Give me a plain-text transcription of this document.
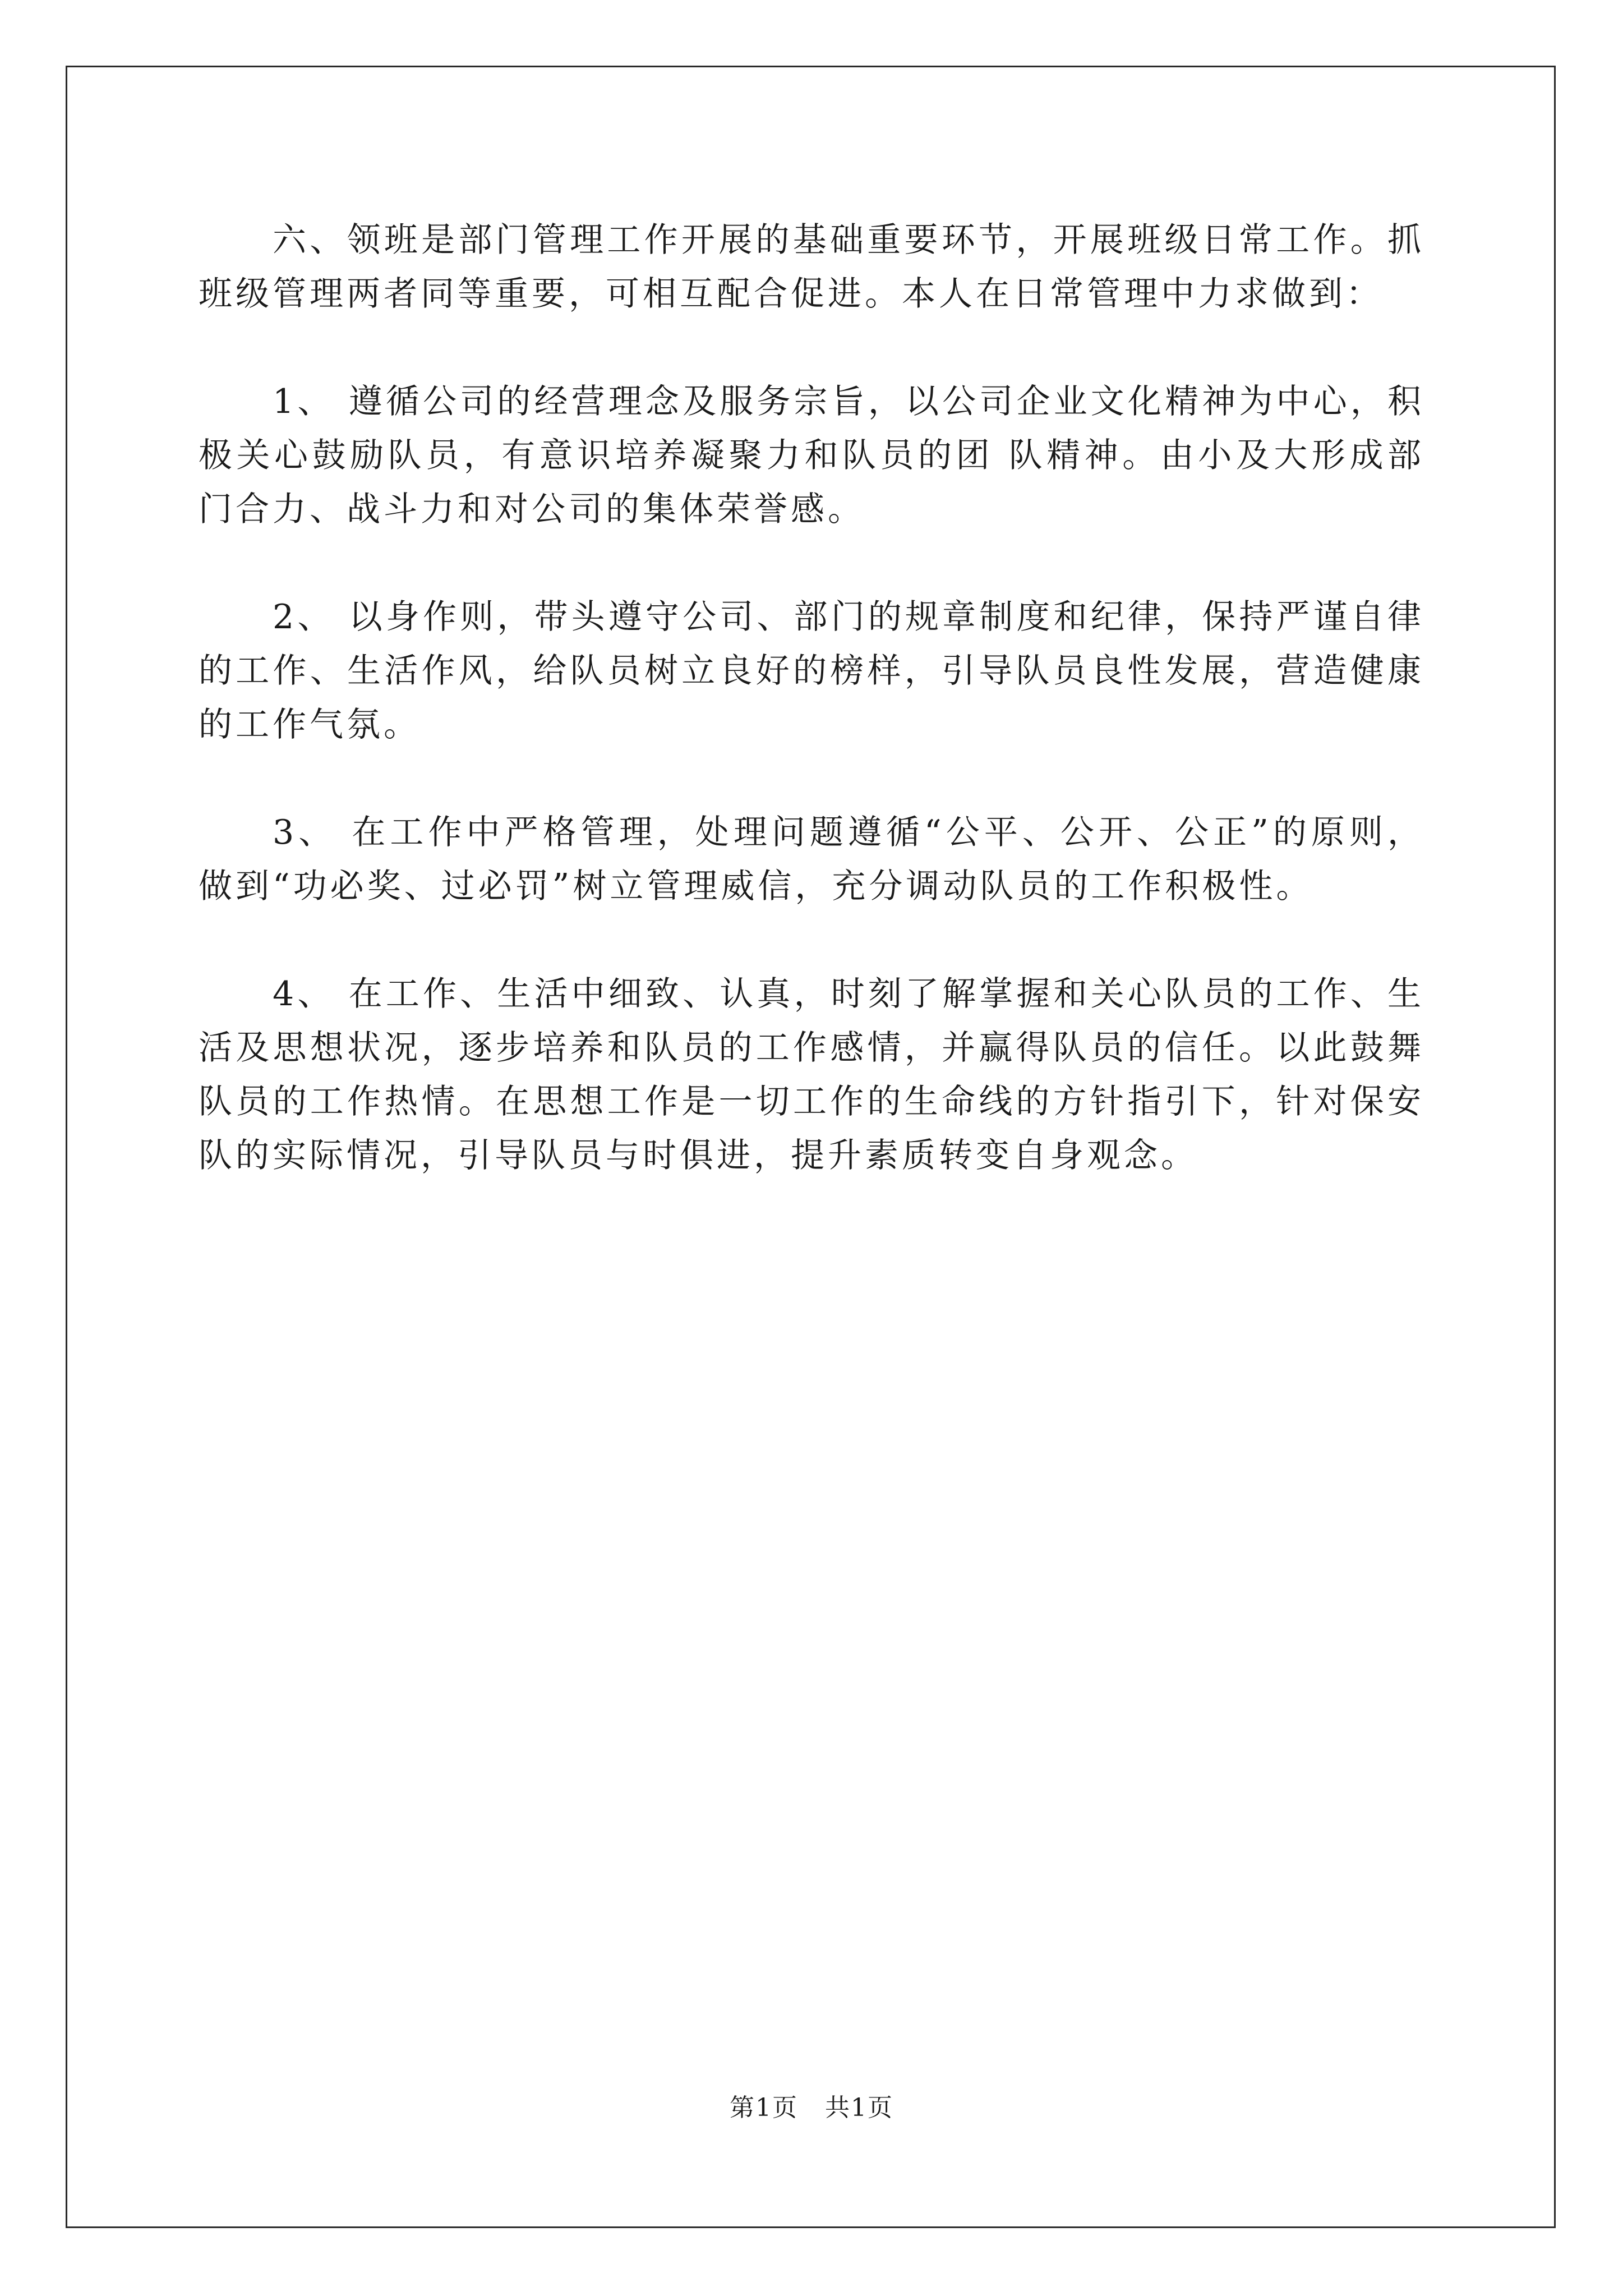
六、领班是部门管理工作开展的基础重要环节，开展班级日常工作。抓班级管理两者同等重要，可相互配合促进。本人在日常管理中力求做到：

1、 遵循公司的经营理念及服务宗旨，以公司企业文化精神为中心，积极关心鼓励队员，有意识培养凝聚力和队员的团 队精神。由小及大形成部门合力、战斗力和对公司的集体荣誉感。

2、 以身作则，带头遵守公司、部门的规章制度和纪律，保持严谨自律的工作、生活作风，给队员树立良好的榜样，引导队员良性发展，营造健康的工作气氛。

3、 在工作中严格管理，处理问题遵循“公平、公开、公正”的原则，做到“功必奖、过必罚”树立管理威信，充分调动队员的工作积极性。

4、 在工作、生活中细致、认真，时刻了解掌握和关心队员的工作、生活及思想状况，逐步培养和队员的工作感情，并赢得队员的信任。以此鼓舞队员的工作热情。在思想工作是一切工作的生命线的方针指引下，针对保安队的实际情况，引导队员与时俱进，提升素质转变自身观念。

第1页 共1页
